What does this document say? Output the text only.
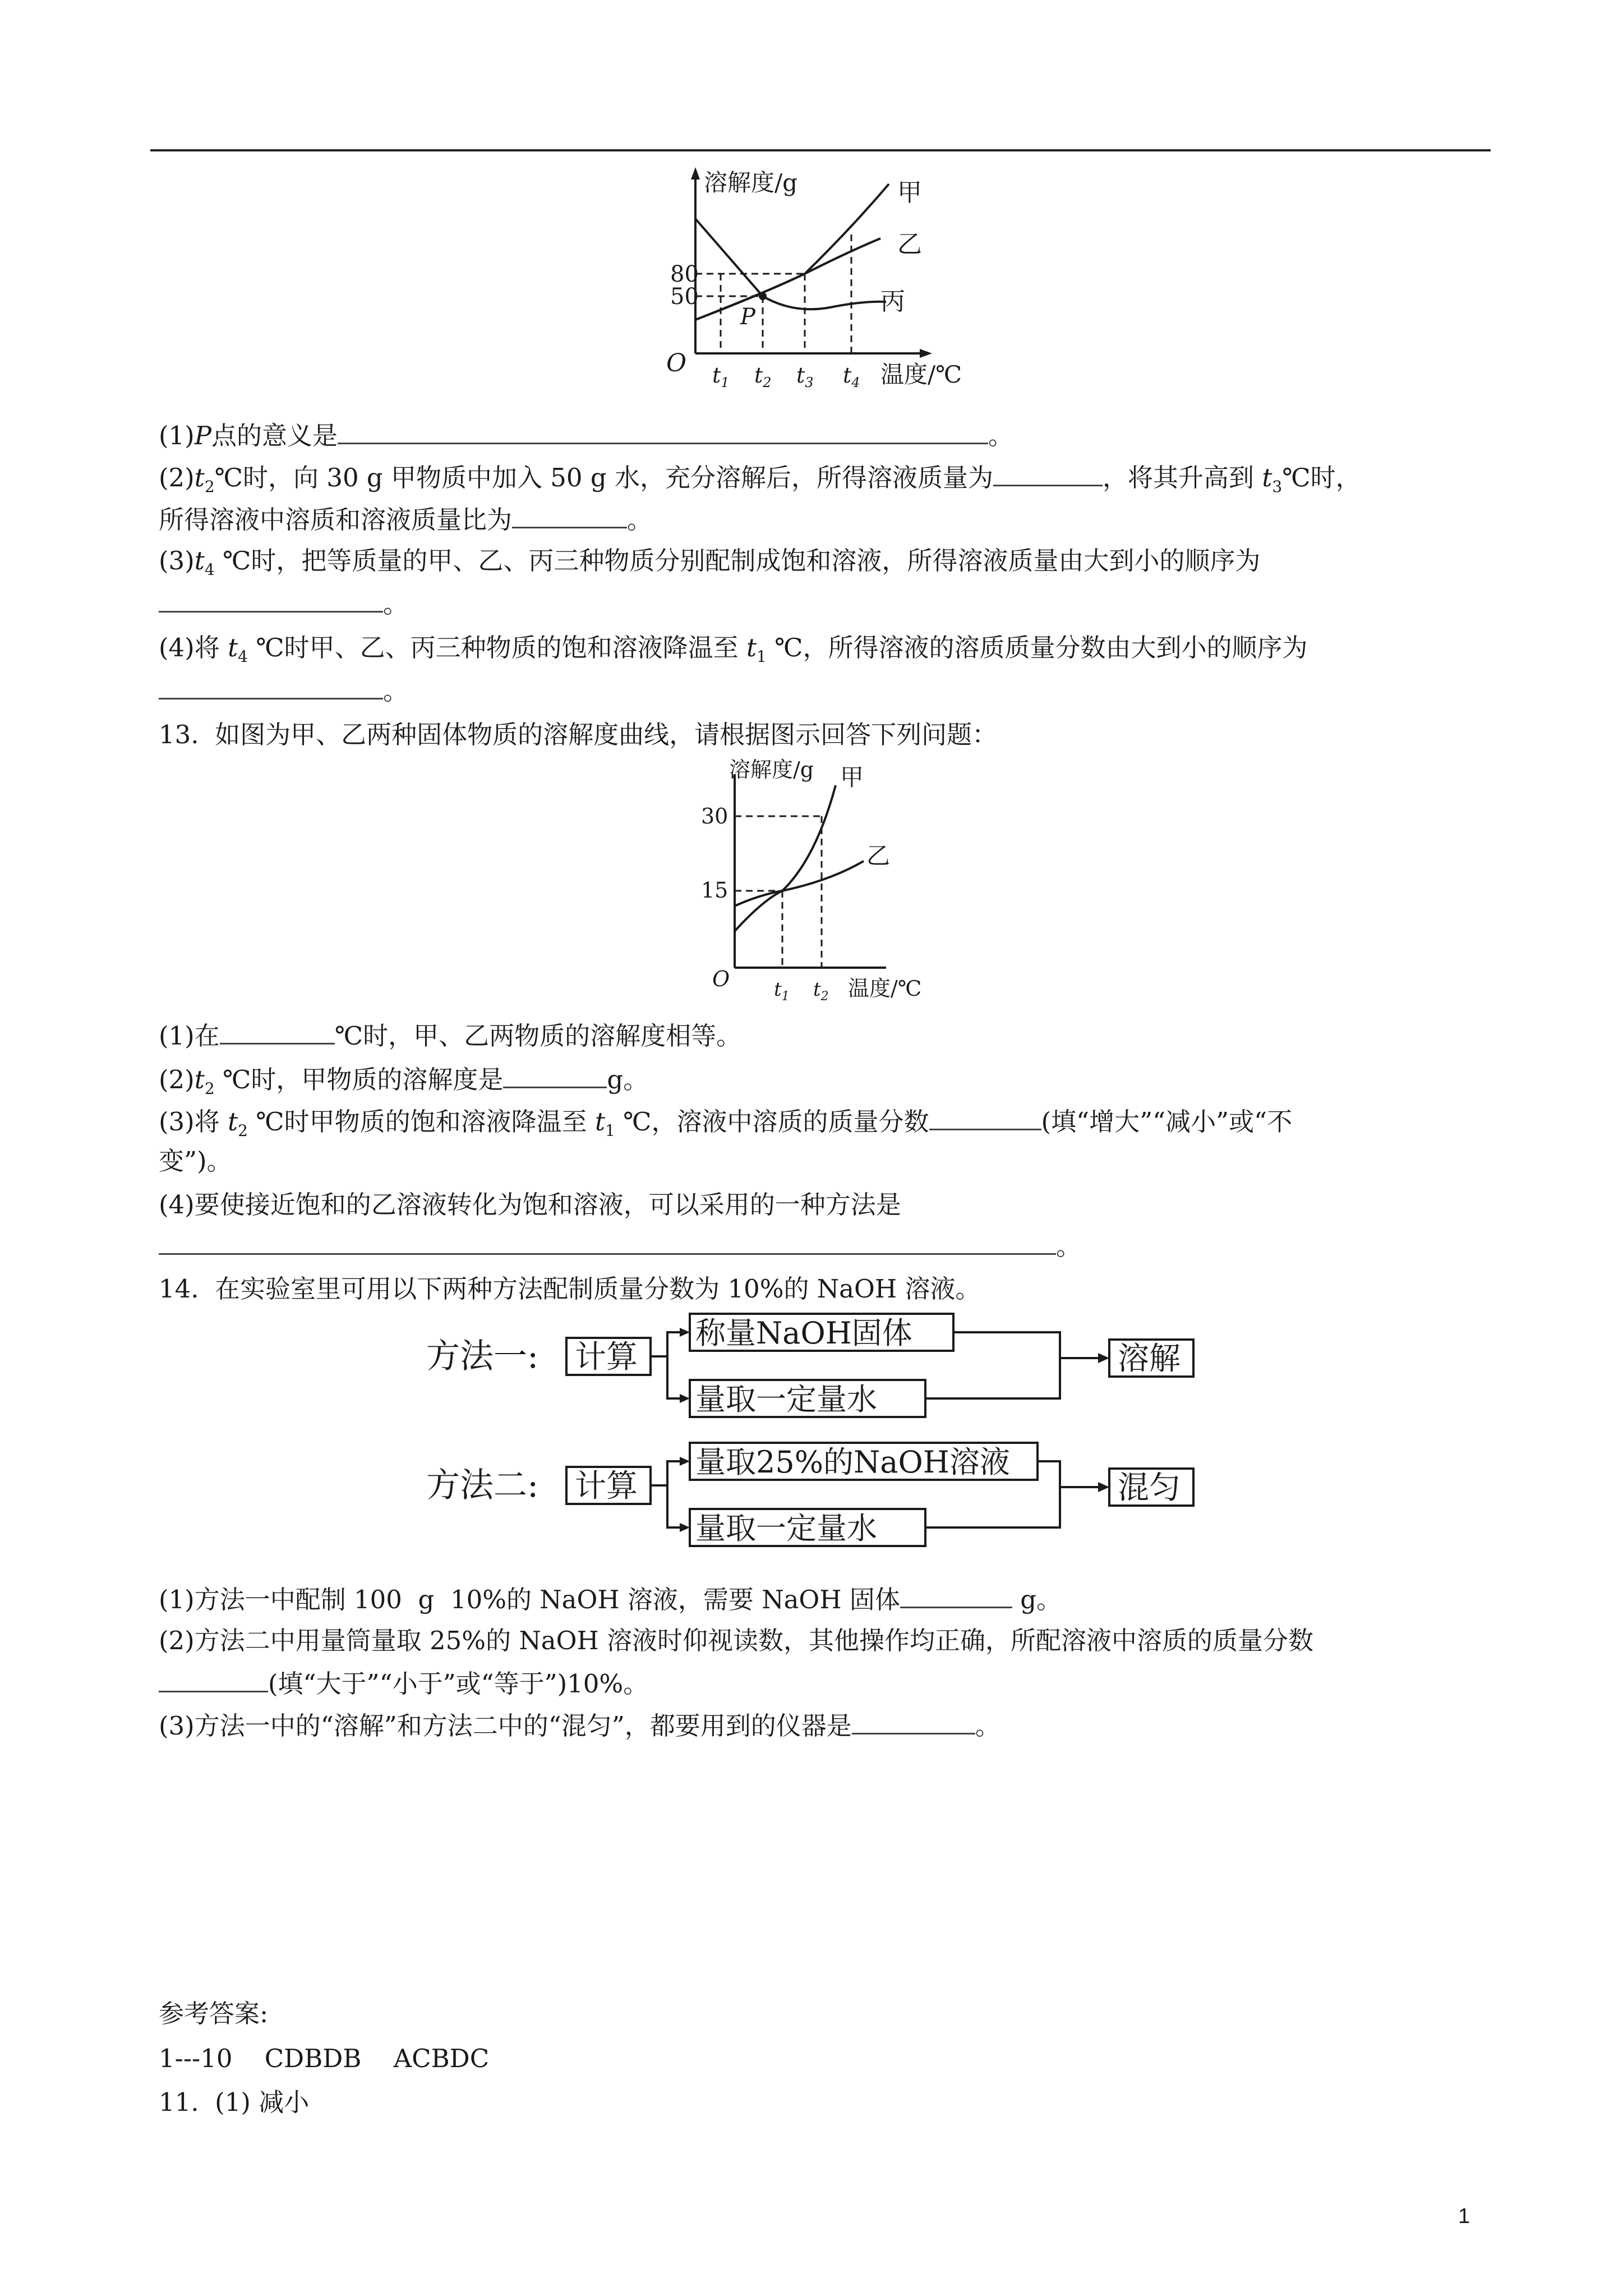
溶解度/g
80
50
O
P
$t_1$ $t_2$ $t_3$ $t_4$ 温度/℃
甲
乙
丙
(1)P点的意义是	。
$(2)t_2℃$时，向 30 g 甲物质中加入 50 g 水，充分溶解后，所得溶液质量为	，将其升高到 $t_3℃$时，
所得溶液中溶质和溶液质量比为	。
$(3)t_4$ ℃时，把等质量的甲、乙、丙三种物质分别配制成饱和溶液，所得溶液质量由大到小的顺序为
。
(4)将 $t_4$ ℃时甲、乙、丙三种物质的饱和溶液降温至 $t_1$ ℃，所得溶液的溶质质量分数由大到小的顺序为
。
13.  如图为甲、乙两种固体物质的溶解度曲线，请根据图示回答下列问题：
溶解度/g 甲
乙
30
15
O $t_1$ $t_2$ 温度/℃
(1)在	℃时，甲、乙两物质的溶解度相等。
$(2)t_2$ ℃时，甲物质的溶解度是	g。
(3)将 $t_2$ ℃时甲物质的饱和溶液降温至 $t_1$ ℃，溶液中溶质的质量分数	(填“增大”“减小”或“不
变”)。
(4)要使接近饱和的乙溶液转化为饱和溶液，可以采用的一种方法是
。
14.  在实验室里可用以下两种方法配制质量分数为 10%的 NaOH 溶液。
方法一: 计算
称量NaOH固体
量取一定量水
溶解
方法二: 计算
量取25%的NaOH溶液
量取一定量水
混匀
(1)方法一中配制 100  g  10%的 NaOH 溶液，需要 NaOH 固体	g。
(2)方法二中用量筒量取 25%的 NaOH 溶液时仰视读数，其他操作均正确，所配溶液中溶质的质量分数
(填“大于”“小于”或“等于”)10%。
(3)方法一中的“溶解”和方法二中的“混匀”，都要用到的仪器是	。
参考答案:
1---10    CDBDB    ACBDC
11.  (1) 减小
1
